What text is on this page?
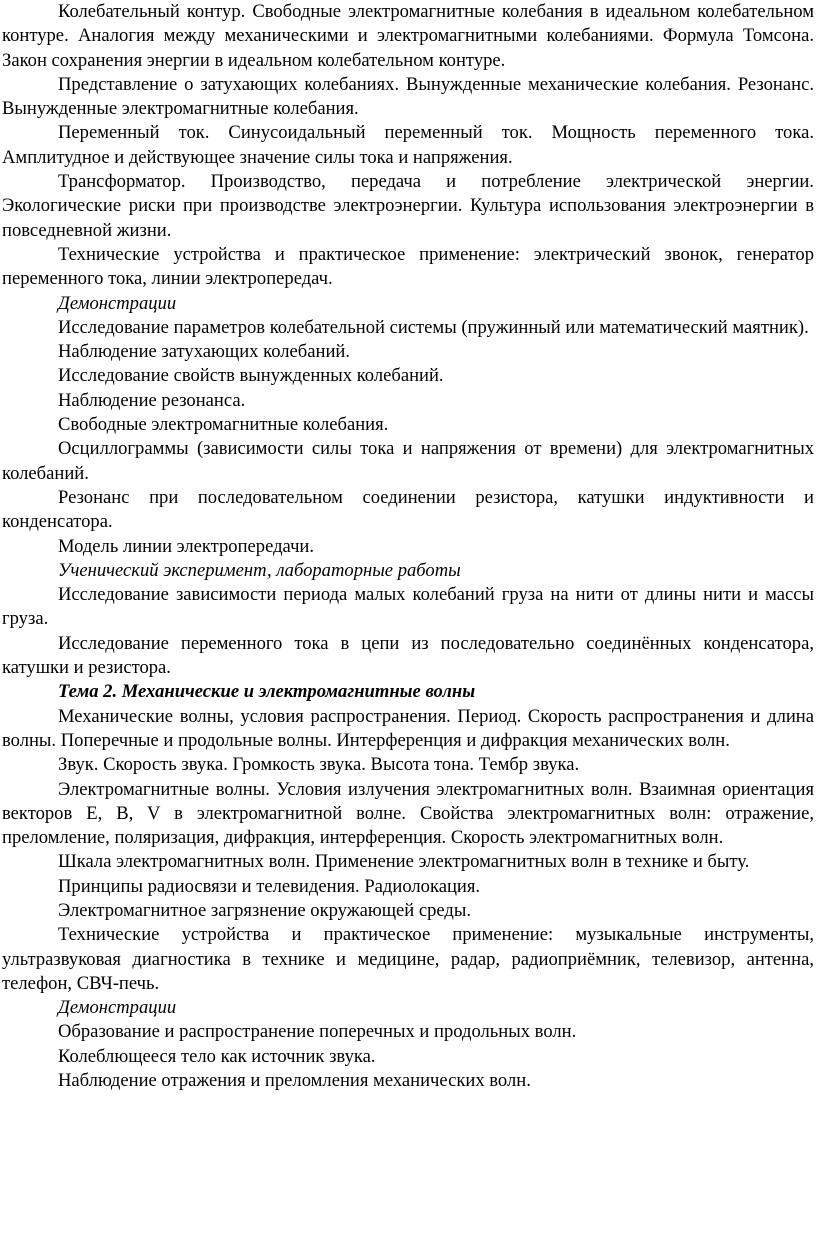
Колебательный контур. Свободные электромагнитные колебания в идеальном колебательном контуре. Аналогия между механическими и электромагнитными колебаниями. Формула Томсона. Закон сохранения энергии в идеальном колебательном контуре.

Представление о затухающих колебаниях. Вынужденные механические колебания. Резонанс. Вынужденные электромагнитные колебания.

Переменный ток. Синусоидальный переменный ток. Мощность переменного тока. Амплитудное и действующее значение силы тока и напряжения.

Трансформатор. Производство, передача и потребление электрической энергии. Экологические риски при производстве электроэнергии. Культура использования электроэнергии в повседневной жизни.

Технические устройства и практическое применение: электрический звонок, генератор переменного тока, линии электропередач.

Демонстрации

Исследование параметров колебательной системы (пружинный или математический маятник).

Наблюдение затухающих колебаний.

Исследование свойств вынужденных колебаний.

Наблюдение резонанса.

Свободные электромагнитные колебания.

Осциллограммы (зависимости силы тока и напряжения от времени) для электромагнитных колебаний.

Резонанс при последовательном соединении резистора, катушки индуктивности и конденсатора.

Модель линии электропередачи.

Ученический эксперимент, лабораторные работы

Исследование зависимости периода малых колебаний груза на нити от длины нити и массы груза.

Исследование переменного тока в цепи из последовательно соединённых конденсатора, катушки и резистора.

Тема 2. Механические и электромагнитные волны

Механические волны, условия распространения. Период. Скорость распространения и длина волны. Поперечные и продольные волны. Интерференция и дифракция механических волн.

Звук. Скорость звука. Громкость звука. Высота тона. Тембр звука.

Электромагнитные волны. Условия излучения электромагнитных волн. Взаимная ориентация векторов E, B, V в электромагнитной волне. Свойства электромагнитных волн: отражение, преломление, поляризация, дифракция, интерференция. Скорость электромагнитных волн.

Шкала электромагнитных волн. Применение электромагнитных волн в технике и быту.

Принципы радиосвязи и телевидения. Радиолокация.

Электромагнитное загрязнение окружающей среды.

Технические устройства и практическое применение: музыкальные инструменты, ультразвуковая диагностика в технике и медицине, радар, радиоприёмник, телевизор, антенна, телефон, СВЧ-печь.

Демонстрации

Образование и распространение поперечных и продольных волн.

Колеблющееся тело как источник звука.

Наблюдение отражения и преломления механических волн.
